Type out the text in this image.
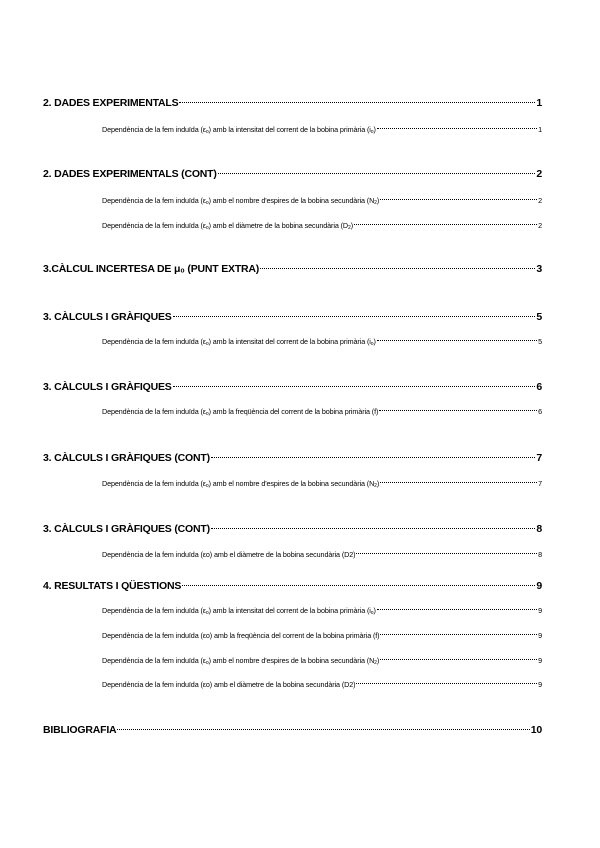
2. DADES EXPERIMENTALS	1
Dependència de la fem induïda $(\varepsilon_o)$ amb la intensitat del corrent de la bobina primària $(i_o)$	1
2. DADES EXPERIMENTALS (CONT)	2
Dependència de la fem induïda $(\varepsilon_o)$ amb el nombre d'espires de la bobina secundària $(N_2)$	2
Dependència de la fem induïda $(\varepsilon_o)$ amb el diàmetre de la bobina secundària $(D_2)$	2
3.CÀLCUL INCERTESA DE μ₀ (PUNT EXTRA)	3
3. CÀLCULS I GRÀFIQUES	5
Dependència de la fem induïda $(\varepsilon_o)$ amb la intensitat del corrent de la bobina primària $(i_o)$	5
3. CÀLCULS I GRÀFIQUES	6
Dependència de la fem induïda $(\varepsilon_o)$ amb la freqüència del corrent de la bobina primària (f)	6
3. CÀLCULS I GRÀFIQUES (CONT)	7
Dependència de la fem induïda $(\varepsilon_o)$ amb el nombre d'espires de la bobina secundària $(N_2)$	7
3. CÀLCULS I GRÀFIQUES (CONT)	8
Dependència de la fem induïda (εο) amb el diàmetre de la bobina secundària (D2)	8
4. RESULTATS I QÜESTIONS	9
Dependència de la fem induïda $(\varepsilon_o)$ amb la intensitat del corrent de la bobina primària $(i_o)$	9
Dependència de la fem induïda (εο) amb la freqüència del corrent de la bobina primària (f)	9
Dependència de la fem induïda $(\varepsilon_o)$ amb el nombre d'espires de la bobina secundària $(N_2)$	9
Dependència de la fem induïda (εο) amb el diàmetre de la bobina secundària (D2)	9
BIBLIOGRAFIA	10
